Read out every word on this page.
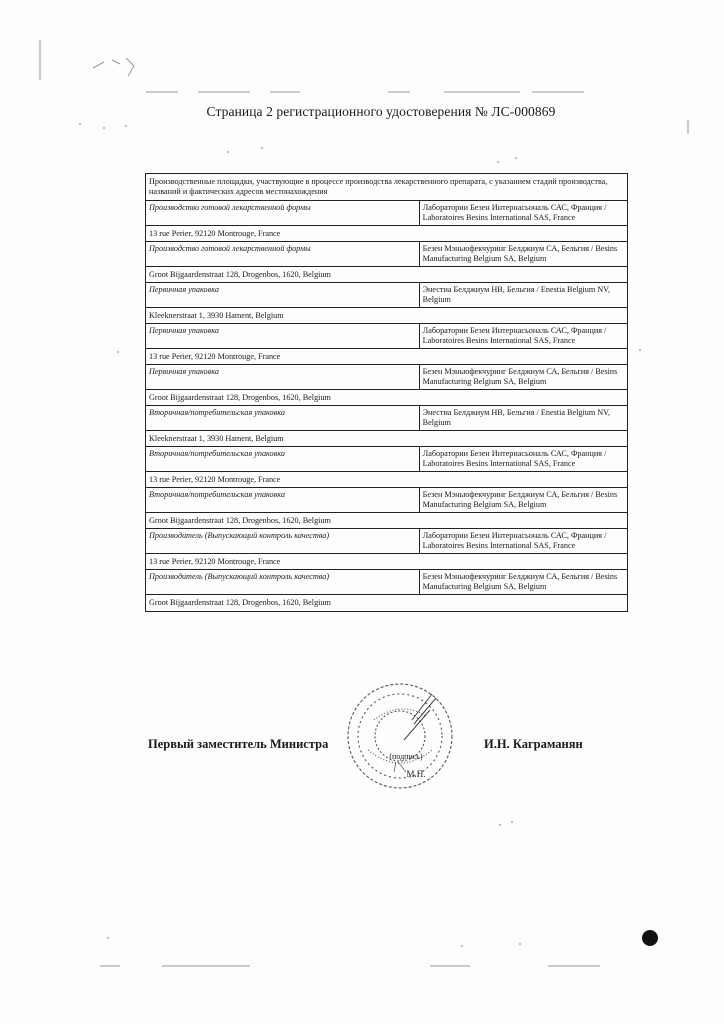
Страница 2 регистрационного удостоверения № ЛС-000869
Производственные площадки, участвующие в процессе производства лекарственного препарата, с указанием стадий производства, названий и фактических адресов местонахождения	
Производство готовой лекарственной формы	Лаборатории Безен Интернасьональ САС, Франция / Laboratoires Besins International SAS, France
13 rue Perier, 92120 Montrouge, France	
Производство готовой лекарственной формы	Безен Мэньюфекчуринг Белджиум СА, Бельгия / Besins Manufacturing Belgium SA, Belgium
Groot Bijgaardenstraat 128, Drogenbos, 1620, Belgium	
Первичная упаковка	Энестиа Белджиум НВ, Бельгия / Enestia Belgium NV, Belgium
Kleeknerstraat 1, 3930 Hament, Belgium	
Первичная упаковка	Лаборатории Безен Интернасьональ САС, Франция / Laboratoires Besins International SAS, France
13 rue Perier, 92120 Montrouge, France	
Первичная упаковка	Безен Мэньюфекчуринг Белджиум СА, Бельгия / Besins Manufacturing Belgium SA, Belgium
Groot Bijgaardenstraat 128, Drogenbos, 1620, Belgium	
Вторичная/потребительская упаковка	Энестиа Белджиум НВ, Бельгия / Enestia Belgium NV, Belgium
Kleeknerstraat 1, 3930 Hament, Belgium	
Вторичная/потребительская упаковка	Лаборатории Безен Интернасьональ САС, Франция / Laboratoires Besins International SAS, France
13 rue Perier, 92120 Montrouge, France	
Вторичная/потребительская упаковка	Безен Мэньюфекчуринг Белджиум СА, Бельгия / Besins Manufacturing Belgium SA, Belgium
Groot Bijgaardenstraat 128, Drogenbos, 1620, Belgium	
Производитель (Выпускающий контроль качества)	Лаборатории Безен Интернасьональ САС, Франция / Laboratoires Besins International SAS, France
13 rue Perier, 92120 Montrouge, France	
Производитель (Выпускающий контроль качества)	Безен Мэньюфекчуринг Белджиум СА, Бельгия / Besins Manufacturing Belgium SA, Belgium
Groot Bijgaardenstraat 128, Drogenbos, 1620, Belgium	
(подпись)
М.П.
Первый заместитель Министра	И.Н. Каграманян
